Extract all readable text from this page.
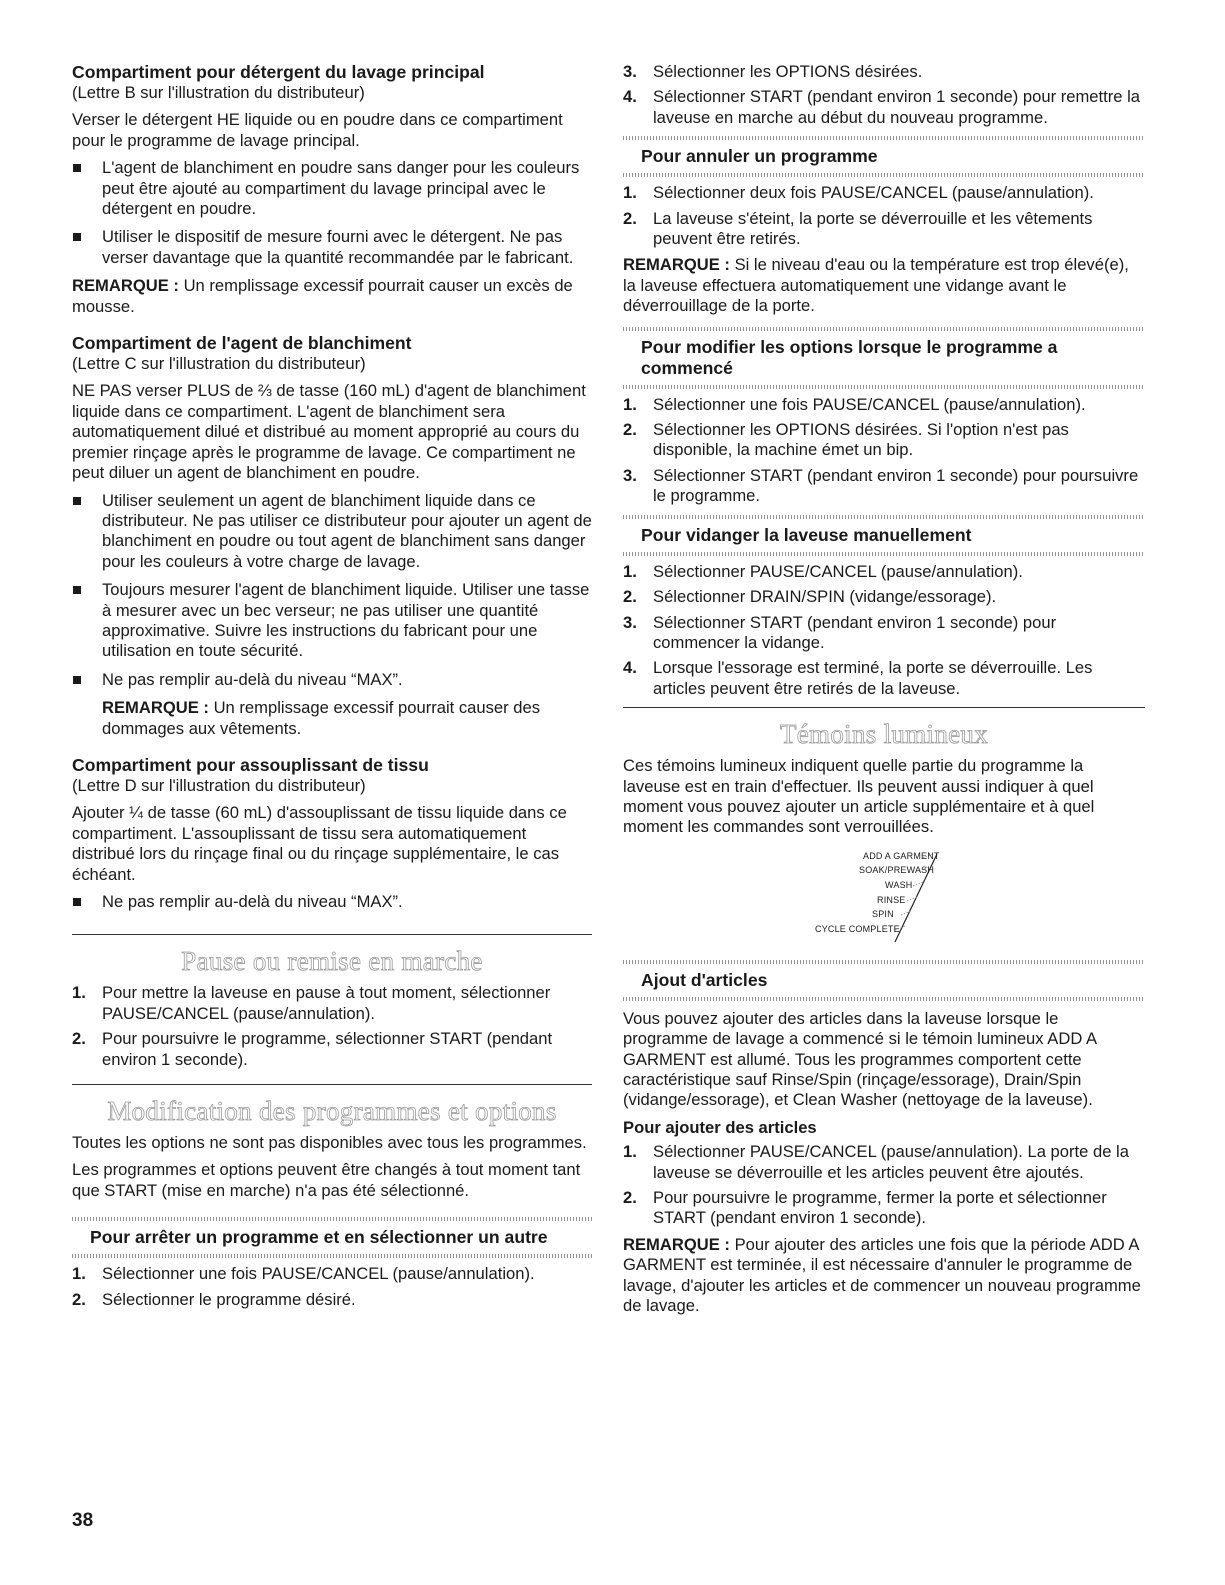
Compartiment pour détergent du lavage principal

(Lettre B sur l'illustration du distributeur)

Verser le détergent HE liquide ou en poudre dans ce compartiment pour le programme de lavage principal.

L'agent de blanchiment en poudre sans danger pour les couleurs peut être ajouté au compartiment du lavage principal avec le détergent en poudre.
Utiliser le dispositif de mesure fourni avec le détergent. Ne pas verser davantage que la quantité recommandée par le fabricant.

REMARQUE : Un remplissage excessif pourrait causer un excès de mousse.

Compartiment de l'agent de blanchiment

(Lettre C sur l'illustration du distributeur)

NE PAS verser PLUS de ⅔ de tasse (160 mL) d'agent de blanchiment liquide dans ce compartiment. L'agent de blanchiment sera automatiquement dilué et distribué au moment approprié au cours du premier rinçage après le programme de lavage. Ce compartiment ne peut diluer un agent de blanchiment en poudre.

Utiliser seulement un agent de blanchiment liquide dans ce distributeur. Ne pas utiliser ce distributeur pour ajouter un agent de blanchiment en poudre ou tout agent de blanchiment sans danger pour les couleurs à votre charge de lavage.
Toujours mesurer l'agent de blanchiment liquide. Utiliser une tasse à mesurer avec un bec verseur; ne pas utiliser une quantité approximative. Suivre les instructions du fabricant pour une utilisation en toute sécurité.
Ne pas remplir au-delà du niveau “MAX”.

REMARQUE : Un remplissage excessif pourrait causer des dommages aux vêtements.

Compartiment pour assouplissant de tissu

(Lettre D sur l'illustration du distributeur)

Ajouter ¼ de tasse (60 mL) d'assouplissant de tissu liquide dans ce compartiment. L'assouplissant de tissu sera automatiquement distribué lors du rinçage final ou du rinçage supplémentaire, le cas échéant.

Ne pas remplir au-delà du niveau “MAX”.
Pause ou remise en marche
1. Pour mettre la laveuse en pause à tout moment, sélectionner PAUSE/CANCEL (pause/annulation).
2. Pour poursuivre le programme, sélectionner START (pendant environ 1 seconde).
Modification des programmes et options

Toutes les options ne sont pas disponibles avec tous les programmes.

Les programmes et options peuvent être changés à tout moment tant que START (mise en marche) n'a pas été sélectionné.

Pour arrêter un programme et en sélectionner un autre
1. Sélectionner une fois PAUSE/CANCEL (pause/annulation).
2. Sélectionner le programme désiré.
3. Sélectionner les OPTIONS désirées.
4. Sélectionner START (pendant environ 1 seconde) pour remettre la laveuse en marche au début du nouveau programme.
Pour annuler un programme
1. Sélectionner deux fois PAUSE/CANCEL (pause/annulation).
2. La laveuse s'éteint, la porte se déverrouille et les vêtements peuvent être retirés.

REMARQUE : Si le niveau d'eau ou la température est trop élevé(e), la laveuse effectuera automatiquement une vidange avant le déverrouillage de la porte.

Pour modifier les options lorsque le programme a commencé
1. Sélectionner une fois PAUSE/CANCEL (pause/annulation).
2. Sélectionner les OPTIONS désirées. Si l'option n'est pas disponible, la machine émet un bip.
3. Sélectionner START (pendant environ 1 seconde) pour poursuivre le programme.
Pour vidanger la laveuse manuellement
1. Sélectionner PAUSE/CANCEL (pause/annulation).
2. Sélectionner DRAIN/SPIN (vidange/essorage).
3. Sélectionner START (pendant environ 1 seconde) pour commencer la vidange.
4. Lorsque l'essorage est terminé, la porte se déverrouille. Les articles peuvent être retirés de la laveuse.
Témoins lumineux

Ces témoins lumineux indiquent quelle partie du programme la laveuse est en train d'effectuer. Ils peuvent aussi indiquer à quel moment vous pouvez ajouter un article supplémentaire et à quel moment les commandes sont verrouillées.

ADD A GARMENT
SOAK/PREWASH
WASH
RINSE
SPIN
CYCLE COMPLETE
Ajout d'articles

Vous pouvez ajouter des articles dans la laveuse lorsque le programme de lavage a commencé si le témoin lumineux ADD A GARMENT est allumé. Tous les programmes comportent cette caractéristique sauf Rinse/Spin (rinçage/essorage), Drain/Spin (vidange/essorage), et Clean Washer (nettoyage de la laveuse).

Pour ajouter des articles

1. Sélectionner PAUSE/CANCEL (pause/annulation). La porte de la laveuse se déverrouille et les articles peuvent être ajoutés.
2. Pour poursuivre le programme, fermer la porte et sélectionner START (pendant environ 1 seconde).

REMARQUE : Pour ajouter des articles une fois que la période ADD A GARMENT est terminée, il est nécessaire d'annuler le programme de lavage, d'ajouter les articles et de commencer un nouveau programme de lavage.

38
